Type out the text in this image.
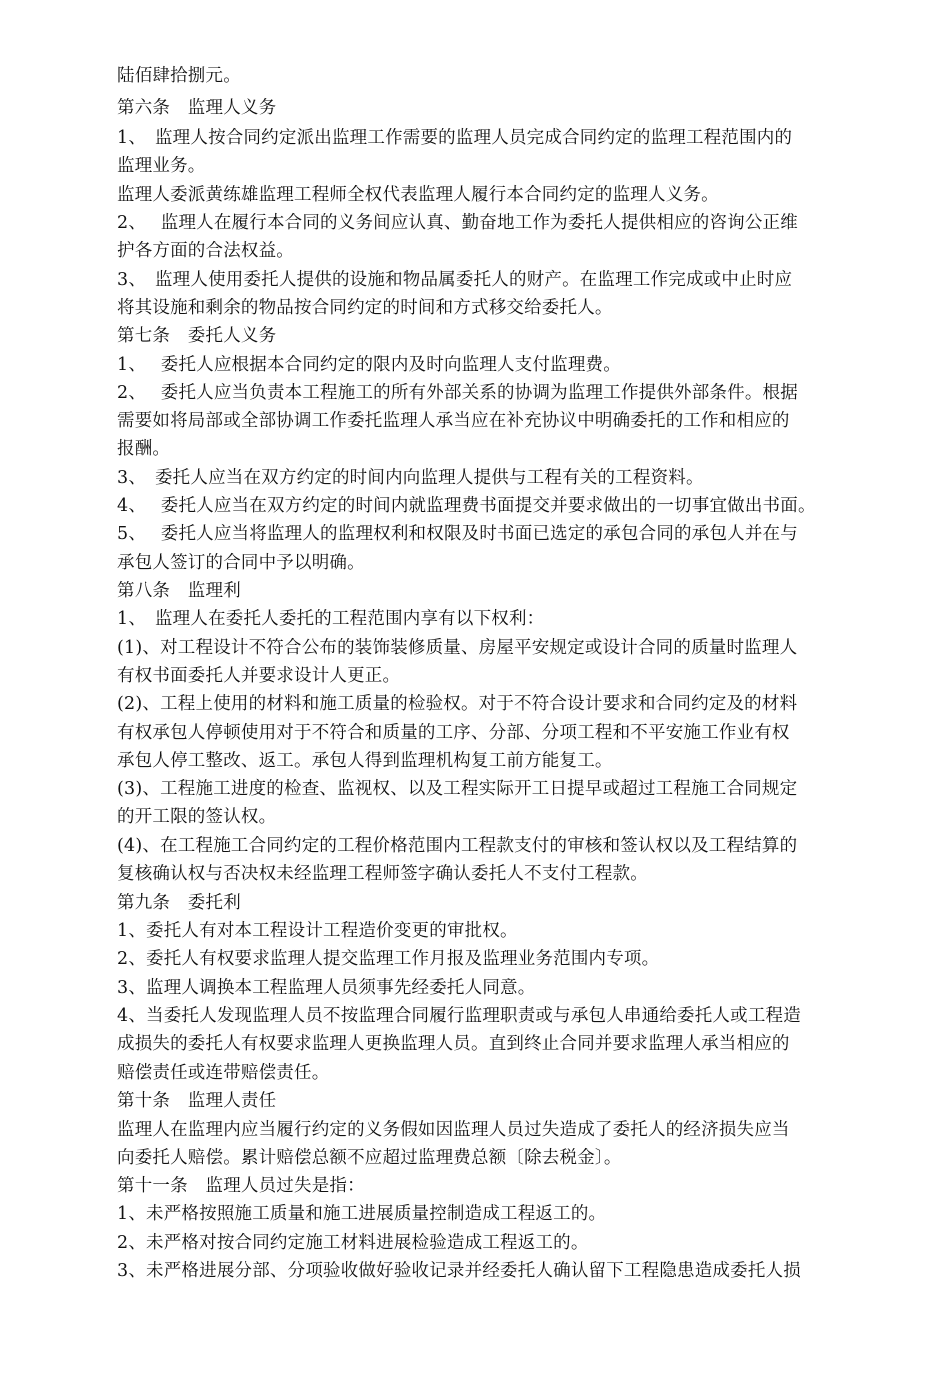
陆佰肆拾捌元。
第六条　监理人义务
1、　监理人按合同约定派出监理工作需要的监理人员完成合同约定的监理工程范围内的
监理业务。
监理人委派黄练雄监理工程师全权代表监理人履行本合同约定的监理人义务。
2、　 监理人在履行本合同的义务间应认真、勤奋地工作为委托人提供相应的咨询公正维
护各方面的合法权益。
3、　监理人使用委托人提供的设施和物品属委托人的财产。在监理工作完成或中止时应
将其设施和剩余的物品按合同约定的时间和方式移交给委托人。
第七条　委托人义务
1、　 委托人应根据本合同约定的限内及时向监理人支付监理费。
2、　 委托人应当负责本工程施工的所有外部关系的协调为监理工作提供外部条件。根据
需要如将局部或全部协调工作委托监理人承当应在补充协议中明确委托的工作和相应的
报酬。
3、　委托人应当在双方约定的时间内向监理人提供与工程有关的工程资料。
4、　 委托人应当在双方约定的时间内就监理费书面提交并要求做出的一切事宜做出书面。
5、　 委托人应当将监理人的监理权利和权限及时书面已选定的承包合同的承包人并在与
承包人签订的合同中予以明确。
第八条　监理利
1、　监理人在委托人委托的工程范围内享有以下权利：
(1)、对工程设计不符合公布的装饰装修质量、房屋平安规定或设计合同的质量时监理人
有权书面委托人并要求设计人更正。
(2)、工程上使用的材料和施工质量的检验权。对于不符合设计要求和合同约定及的材料
有权承包人停顿使用对于不符合和质量的工序、分部、分项工程和不平安施工作业有权
承包人停工整改、返工。承包人得到监理机构复工前方能复工。
(3)、工程施工进度的检查、监视权、以及工程实际开工日提早或超过工程施工合同规定
的开工限的签认权。
(4)、在工程施工合同约定的工程价格范围内工程款支付的审核和签认权以及工程结算的
复核确认权与否决权未经监理工程师签字确认委托人不支付工程款。
第九条　委托利
1、委托人有对本工程设计工程造价变更的审批权。
2、委托人有权要求监理人提交监理工作月报及监理业务范围内专项。
3、监理人调换本工程监理人员须事先经委托人同意。
4、当委托人发现监理人员不按监理合同履行监理职责或与承包人串通给委托人或工程造
成损失的委托人有权要求监理人更换监理人员。直到终止合同并要求监理人承当相应的
赔偿责任或连带赔偿责任。
第十条　监理人责任
监理人在监理内应当履行约定的义务假如因监理人员过失造成了委托人的经济损失应当
向委托人赔偿。累计赔偿总额不应超过监理费总额〔除去税金〕。
第十一条　监理人员过失是指：
1、未严格按照施工质量和施工进展质量控制造成工程返工的。
2、未严格对按合同约定施工材料进展检验造成工程返工的。
3、未严格进展分部、分项验收做好验收记录并经委托人确认留下工程隐患造成委托人损
